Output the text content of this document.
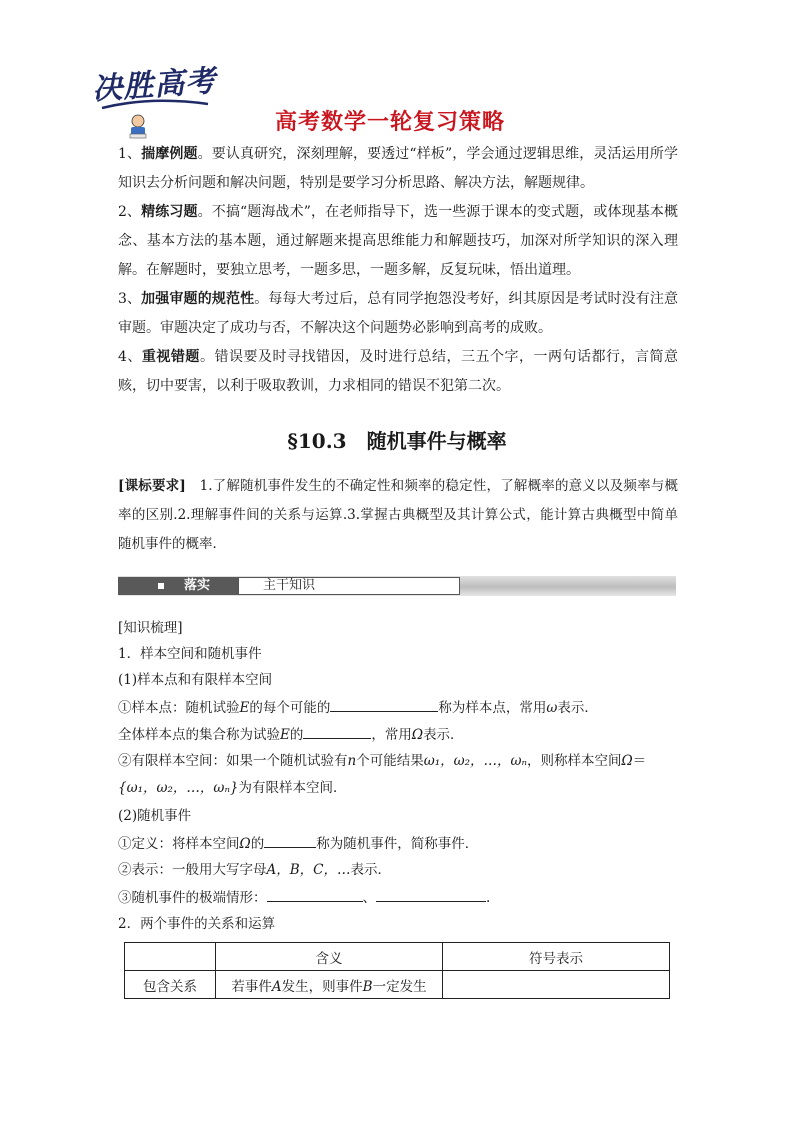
决胜高考
高考数学一轮复习策略
1、揣摩例题。要认真研究，深刻理解，要透过“样板”，学会通过逻辑思维，灵活运用所学知识去分析问题和解决问题，特别是要学习分析思路、解决方法，解题规律。
2、精练习题。不搞“题海战术”，在老师指导下，选一些源于课本的变式题，或体现基本概念、基本方法的基本题，通过解题来提高思维能力和解题技巧，加深对所学知识的深入理解。在解题时，要独立思考，一题多思，一题多解，反复玩味，悟出道理。
3、加强审题的规范性。每每大考过后，总有同学抱怨没考好，纠其原因是考试时没有注意审题。审题决定了成功与否，不解决这个问题势必影响到高考的成败。
4、重视错题。错误要及时寻找错因，及时进行总结，三五个字，一两句话都行，言简意赅，切中要害，以利于吸取教训，力求相同的错误不犯第二次。
§10.3　随机事件与概率
[课标要求]　1.了解随机事件发生的不确定性和频率的稳定性，了解概率的意义以及频率与概率的区别.2.理解事件间的关系与运算.3.掌握古典概型及其计算公式，能计算古典概型中简单随机事件的概率．
落实	主干知识
[知识梳理]
1．样本空间和随机事件
(1)样本点和有限样本空间
①样本点：随机试验E的每个可能的	称为样本点，常用ω表示．
全体样本点的集合称为试验E的	，常用Ω表示．
②有限样本空间：如果一个随机试验有n个可能结果ω₁，ω₂，…，ωₙ，则称样本空间Ω＝
{ω₁，ω₂，…，ωₙ}为有限样本空间．
(2)随机事件
①定义：将样本空间Ω的	称为随机事件，简称事件．
②表示：一般用大写字母A，B，C，…表示．
③随机事件的极端情形：	、	.
2．两个事件的关系和运算
	含义	符号表示
包含关系	若事件A发生，则事件B一定发生	
